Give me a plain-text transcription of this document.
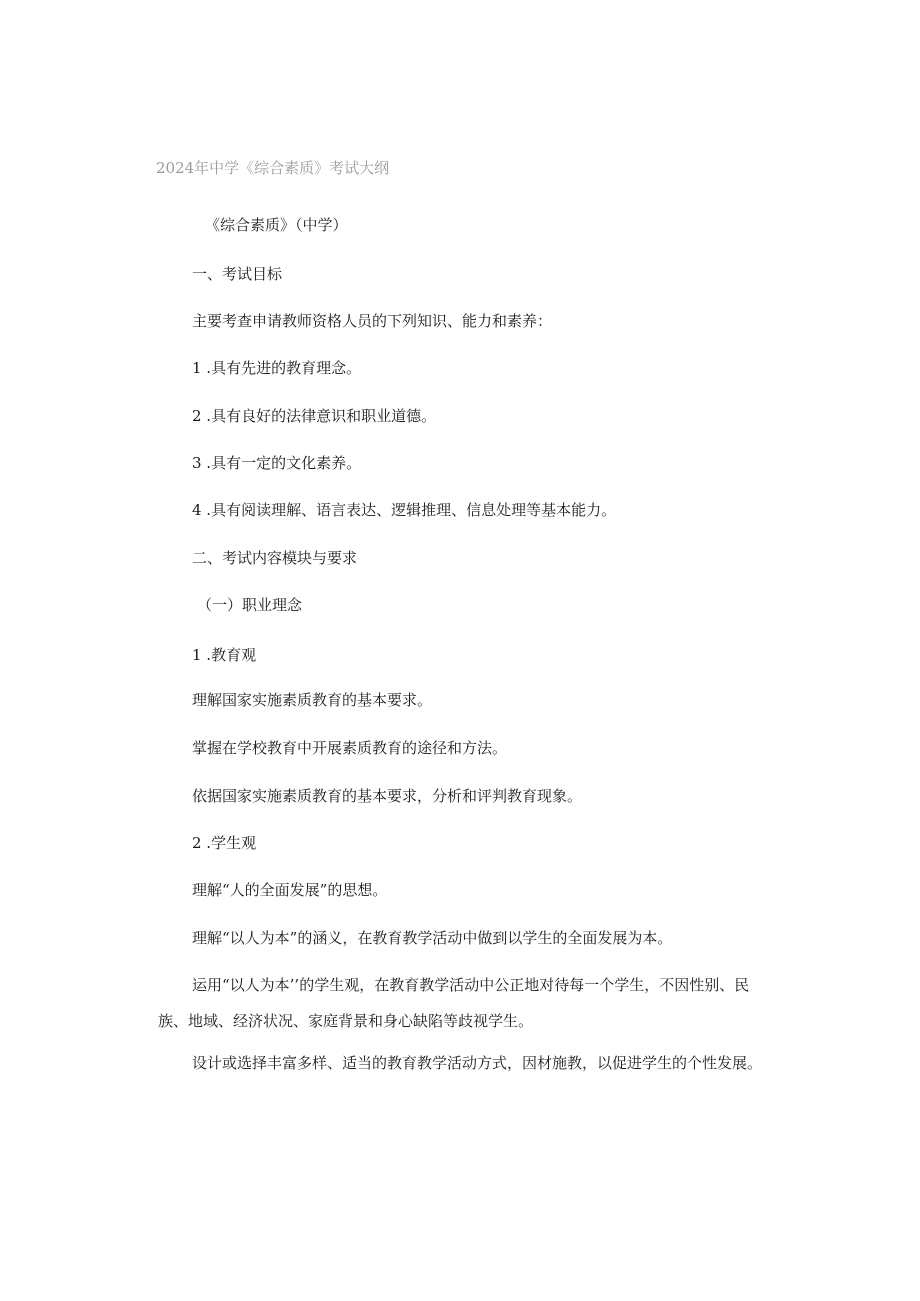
2024年中学《综合素质》考试大纲

《综合素质》（中学）

一、考试目标

主要考查申请教师资格人员的下列知识、能力和素养：

1 .具有先进的教育理念。

2 .具有良好的法律意识和职业道德。

3 .具有一定的文化素养。

4 .具有阅读理解、语言表达、逻辑推理、信息处理等基本能力。

二、考试内容模块与要求

（一）职业理念

1 .教育观

理解国家实施素质教育的基本要求。

掌握在学校教育中开展素质教育的途径和方法。

依据国家实施素质教育的基本要求，分析和评判教育现象。

2 .学生观

理解“人的全面发展”的思想。

理解“以人为本”的涵义，在教育教学活动中做到以学生的全面发展为本。

运用“以人为本’’的学生观，在教育教学活动中公正地对待每一个学生，不因性别、民族、地域、经济状况、家庭背景和身心缺陷等歧视学生。

设计或选择丰富多样、适当的教育教学活动方式，因材施教，以促进学生的个性发展。
